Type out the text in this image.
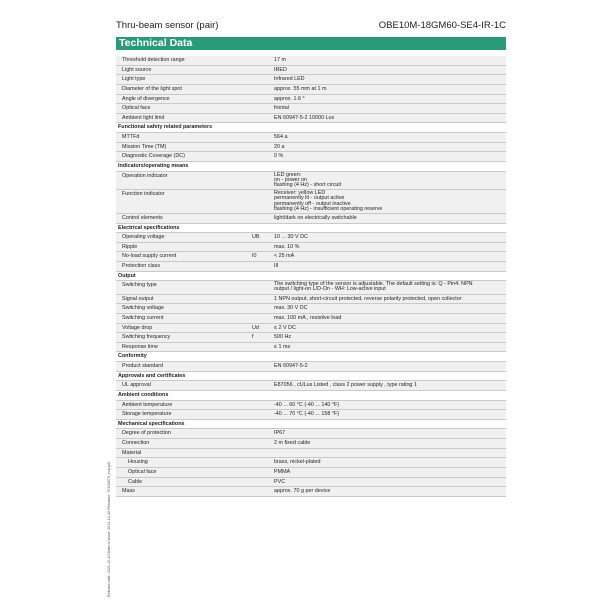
Thru-beam sensor (pair)	OBE10M-18GM60-SE4-IR-1C
Technical Data
Threshold detection range	17 m
Light source	IRED
Light type	Infrared LED
Diameter of the light spot	approx. 55 mm at 1 m
Angle of divergence	approx. 1.6 °
Optical face	frontal
Ambient light limit	EN 60947-5-2 10000 Lux
Functional safety related parameters
MTTFd	564 a
Mission Time (TM)	20 a
Diagnostic Coverage (DC)	0 %
Indicators/operating means
Operation indicator	LED green:
on - power on
flashing (4 Hz) - short circuit
Function indicator	Receiver: yellow LED
permanently lit - output active
permanently off - output inactive
flashing (4 Hz) - insufficient operating reserve
Control elements	light/dark on electrically switchable
Electrical specifications
Operating voltage	UB	10 ... 30 V DC
Ripple	max. 10 %
No-load supply current	I0	< 25 mA
Protection class	III
Output
Switching type	The switching type of the sensor is adjustable. The default setting is: Q - Pin4: NPN
output / light-on L/D-On - WH: Low-active input
Signal output	1 NPN output, short-circuit protected, reverse polarity protected, open collector
Switching voltage	max. 30 V DC
Switching current	max. 100 mA , resistive load
Voltage drop	Ud	≤ 2 V DC
Switching frequency	f	500 Hz
Response time	≤ 1 ms
Conformity
Product standard	EN 60947-5-2
Approvals and certificates
UL approval	E87056 , cULus Listed , class 2 power supply , type rating 1
Ambient conditions
Ambient temperature	-40 ... 60 °C (-40 ... 140 °F)
Storage temperature	-40 ... 70 °C (-40 ... 158 °F)
Mechanical specifications
Degree of protection	IP67
Connection	2 m fixed cable
Material
Housing	brass, nickel-plated
Optical face	PMMA
Cable	PVC
Mass	approx. 70 g per device
Release date: 2021-12-16 Date of issue: 2021-12-16 Filename: 70134879_eng.pdf
